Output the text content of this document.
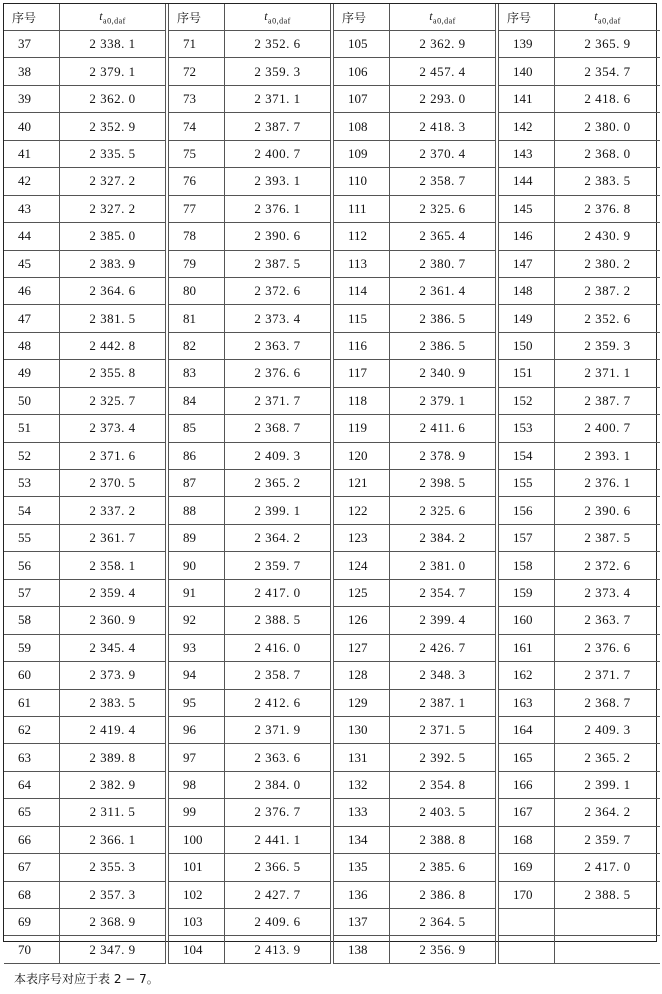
序号	$t_{a0,daf}$	序号	$t_{a0,daf}$	序号	$t_{a0,daf}$	序号	$t_{a0,daf}$
37	2 338. 1	71	2 352. 6	105	2 362. 9	139	2 365. 9
38	2 379. 1	72	2 359. 3	106	2 457. 4	140	2 354. 7
39	2 362. 0	73	2 371. 1	107	2 293. 0	141	2 418. 6
40	2 352. 9	74	2 387. 7	108	2 418. 3	142	2 380. 0
41	2 335. 5	75	2 400. 7	109	2 370. 4	143	2 368. 0
42	2 327. 2	76	2 393. 1	110	2 358. 7	144	2 383. 5
43	2 327. 2	77	2 376. 1	111	2 325. 6	145	2 376. 8
44	2 385. 0	78	2 390. 6	112	2 365. 4	146	2 430. 9
45	2 383. 9	79	2 387. 5	113	2 380. 7	147	2 380. 2
46	2 364. 6	80	2 372. 6	114	2 361. 4	148	2 387. 2
47	2 381. 5	81	2 373. 4	115	2 386. 5	149	2 352. 6
48	2 442. 8	82	2 363. 7	116	2 386. 5	150	2 359. 3
49	2 355. 8	83	2 376. 6	117	2 340. 9	151	2 371. 1
50	2 325. 7	84	2 371. 7	118	2 379. 1	152	2 387. 7
51	2 373. 4	85	2 368. 7	119	2 411. 6	153	2 400. 7
52	2 371. 6	86	2 409. 3	120	2 378. 9	154	2 393. 1
53	2 370. 5	87	2 365. 2	121	2 398. 5	155	2 376. 1
54	2 337. 2	88	2 399. 1	122	2 325. 6	156	2 390. 6
55	2 361. 7	89	2 364. 2	123	2 384. 2	157	2 387. 5
56	2 358. 1	90	2 359. 7	124	2 381. 0	158	2 372. 6
57	2 359. 4	91	2 417. 0	125	2 354. 7	159	2 373. 4
58	2 360. 9	92	2 388. 5	126	2 399. 4	160	2 363. 7
59	2 345. 4	93	2 416. 0	127	2 426. 7	161	2 376. 6
60	2 373. 9	94	2 358. 7	128	2 348. 3	162	2 371. 7
61	2 383. 5	95	2 412. 6	129	2 387. 1	163	2 368. 7
62	2 419. 4	96	2 371. 9	130	2 371. 5	164	2 409. 3
63	2 389. 8	97	2 363. 6	131	2 392. 5	165	2 365. 2
64	2 382. 9	98	2 384. 0	132	2 354. 8	166	2 399. 1
65	2 311. 5	99	2 376. 7	133	2 403. 5	167	2 364. 2
66	2 366. 1	100	2 441. 1	134	2 388. 8	168	2 359. 7
67	2 355. 3	101	2 366. 5	135	2 385. 6	169	2 417. 0
68	2 357. 3	102	2 427. 7	136	2 386. 8	170	2 388. 5
69	2 368. 9	103	2 409. 6	137	2 364. 5		
70	2 347. 9	104	2 413. 9	138	2 356. 9		
本表序号对应于表 2 − 7。							
